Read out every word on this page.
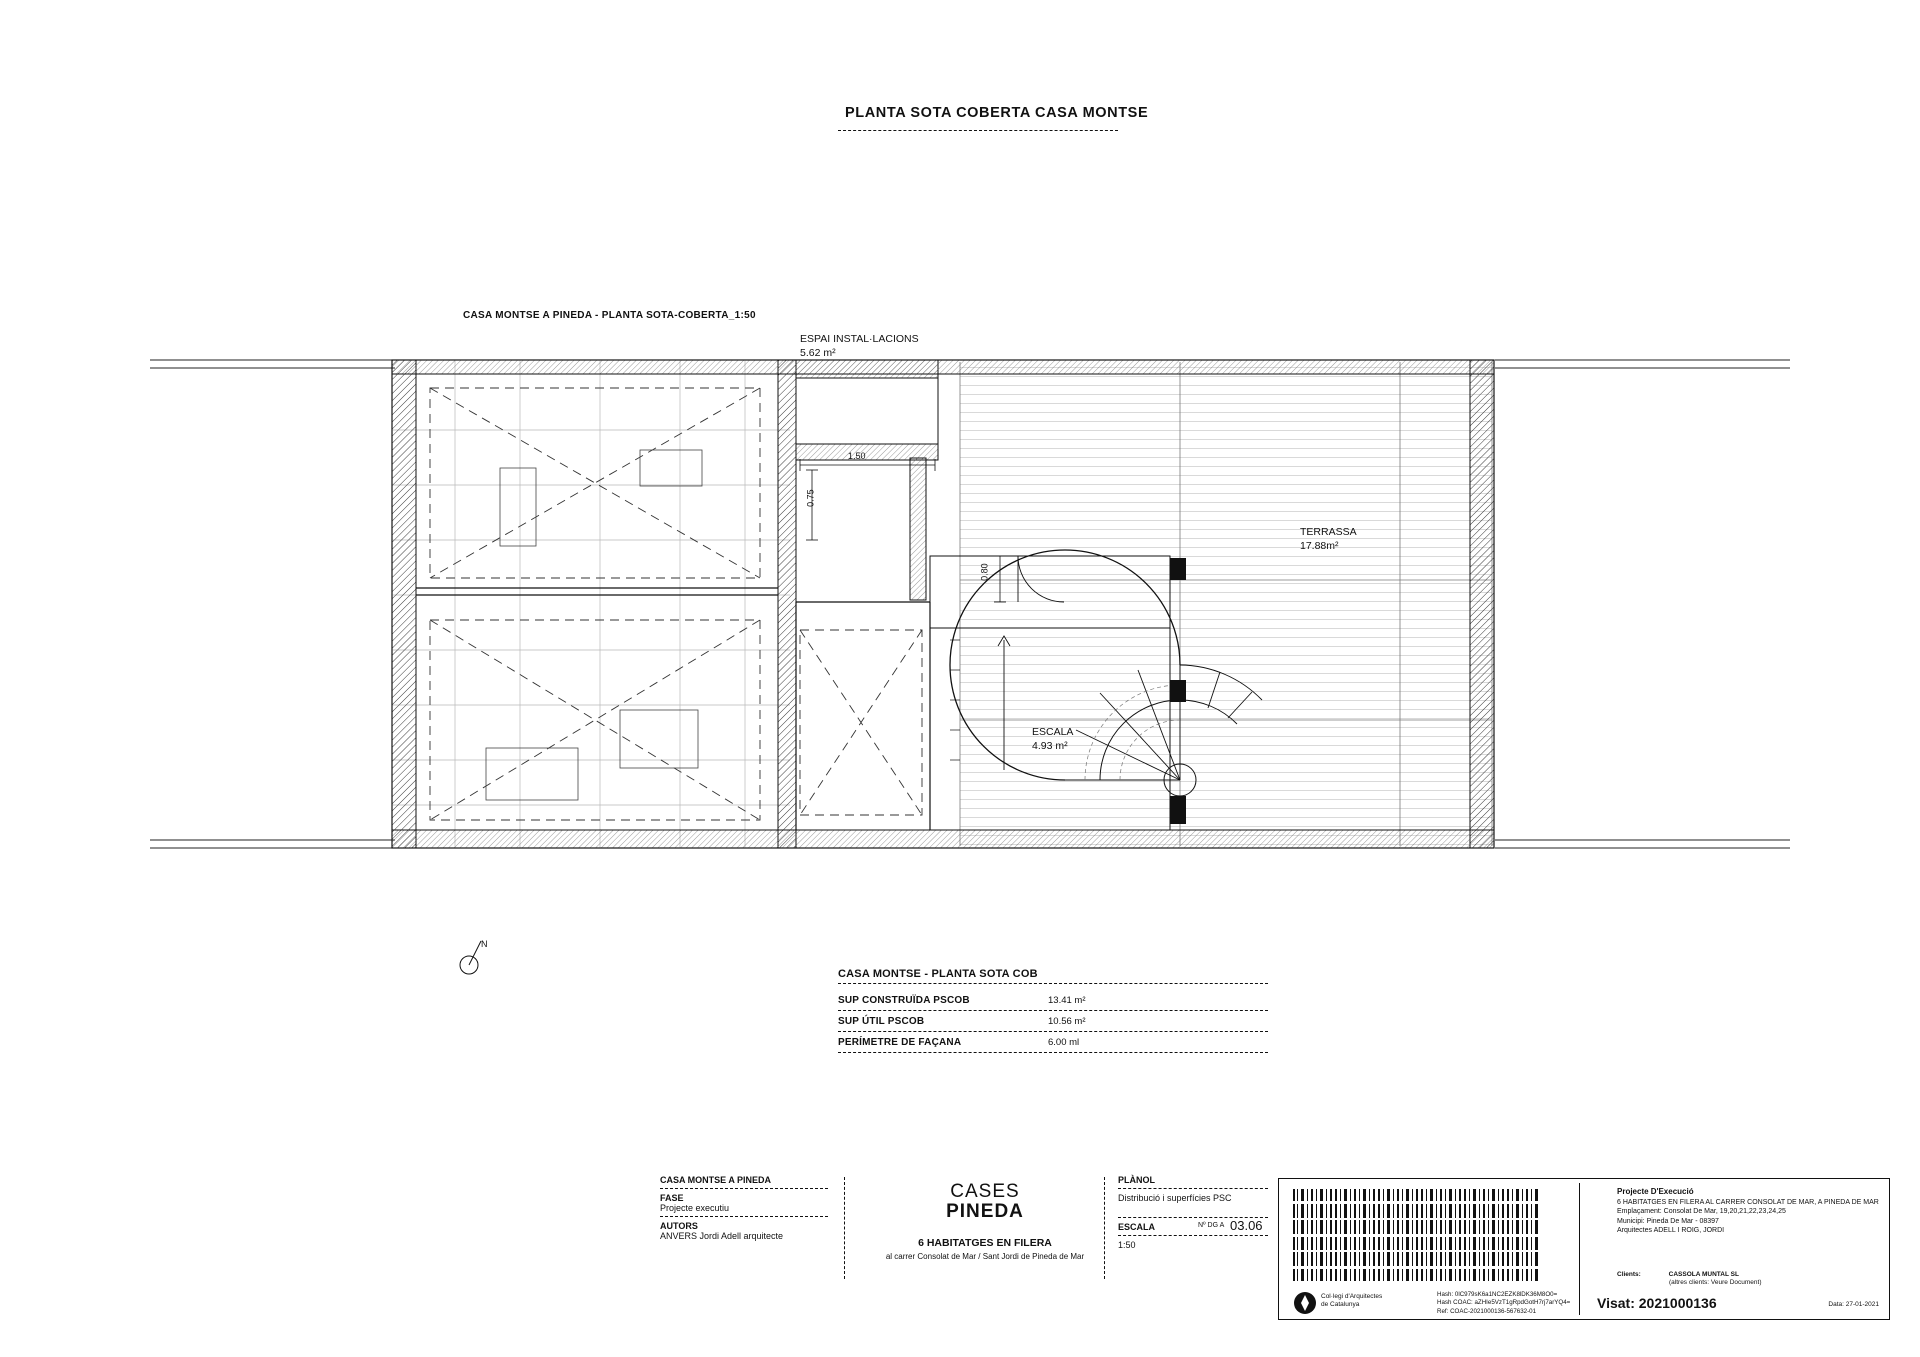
PLANTA SOTA COBERTA CASA MONTSE
CASA MONTSE A PINEDA - PLANTA SOTA-COBERTA_1:50
ESPAI INSTAL·LACIONS
5.62 m²
TERRASSA
17.88m²
ESCALA
4.93 m²
1.50
0.75
0.80
N
CASA MONTSE - PLANTA SOTA COB
SUP CONSTRUÏDA PSCOB	13.41 m²
SUP ÚTIL PSCOB	10.56 m²
PERÍMETRE DE FAÇANA	6.00 ml
CASA MONTSE A PINEDA
FASE
Projecte executiu
AUTORS
ANVERS Jordi Adell arquitecte
CASES
PINEDA
6 HABITATGES EN FILERA
al carrer Consolat de Mar / Sant Jordi de Pineda de Mar
PLÀNOL
Distribució i superfícies PSC
ESCALA	Nº DG A 03.06
1:50
Col·legi d'Arquitectes
de Catalunya
Hash: 0lC979sK6a1NC2EZK8lDK36M8O0=
Hash COAC: aZHIe5VzT1gRpdGotH7rj7arYQ4=
Ref: COAC-2021000136-567632-01
Projecte D'Execució
6 HABITATGES EN FILERA AL CARRER CONSOLAT DE MAR, A PINEDA DE MAR
Emplaçament: Consolat De Mar, 19,20,21,22,23,24,25
Municipi: Pineda De Mar - 08397
Arquitectes ADELL I ROIG, JORDI
Clients:	CASSOLA MUNTAL SL
(altres clients: Veure Document)
Visat: 2021000136	Data: 27-01-2021
